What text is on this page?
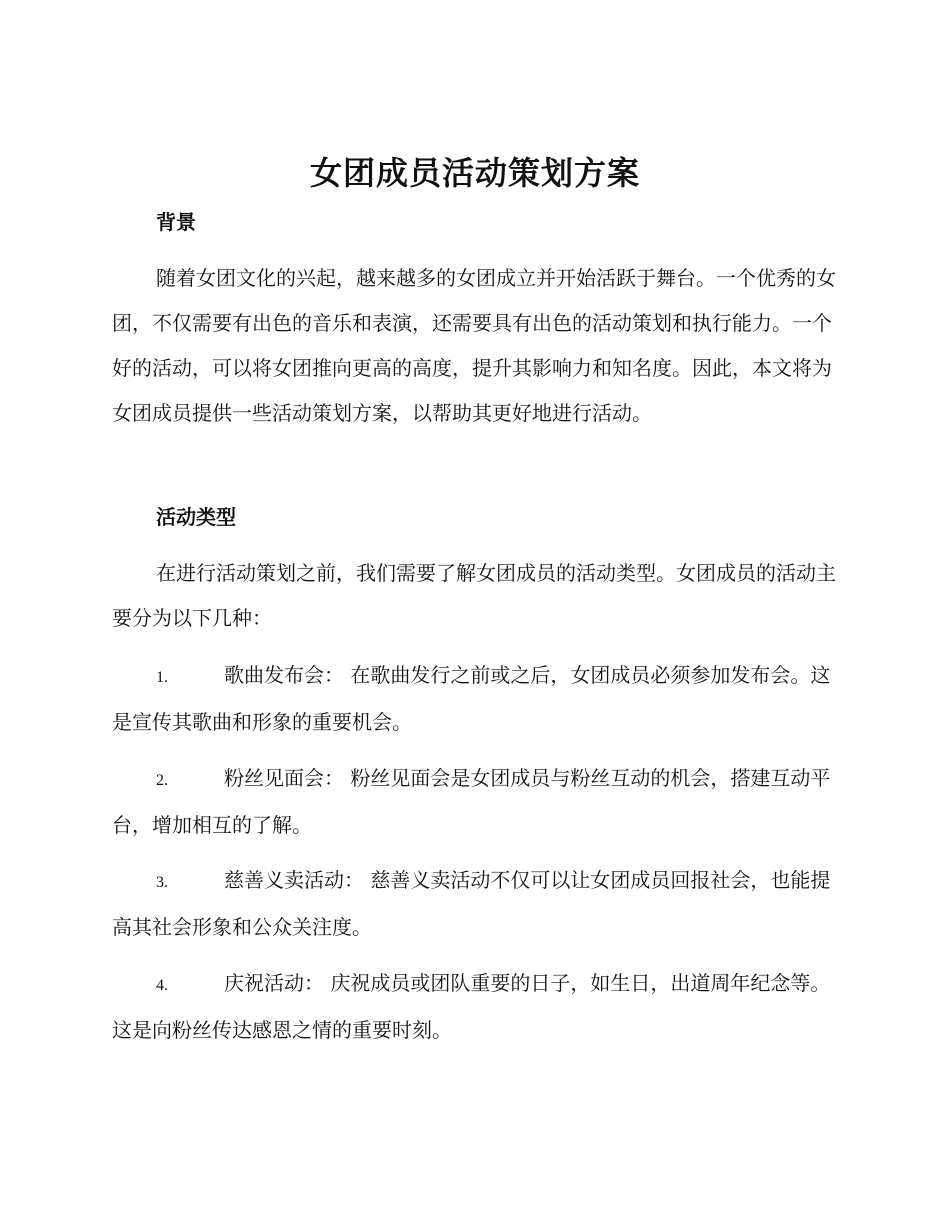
女团成员活动策划方案
背景
随着女团文化的兴起，越来越多的女团成立并开始活跃于舞台。一个优秀的女团，不仅需要有出色的音乐和表演，还需要具有出色的活动策划和执行能力。一个好的活动，可以将女团推向更高的高度，提升其影响力和知名度。因此，本文将为女团成员提供一些活动策划方案，以帮助其更好地进行活动。
活动类型
在进行活动策划之前，我们需要了解女团成员的活动类型。女团成员的活动主要分为以下几种：
1.	歌曲发布会： 在歌曲发行之前或之后，女团成员必须参加发布会。这是宣传其歌曲和形象的重要机会。
2.	粉丝见面会： 粉丝见面会是女团成员与粉丝互动的机会，搭建互动平台，增加相互的了解。
3.	慈善义卖活动： 慈善义卖活动不仅可以让女团成员回报社会，也能提高其社会形象和公众关注度。
4.	庆祝活动： 庆祝成员或团队重要的日子，如生日，出道周年纪念等。这是向粉丝传达感恩之情的重要时刻。
